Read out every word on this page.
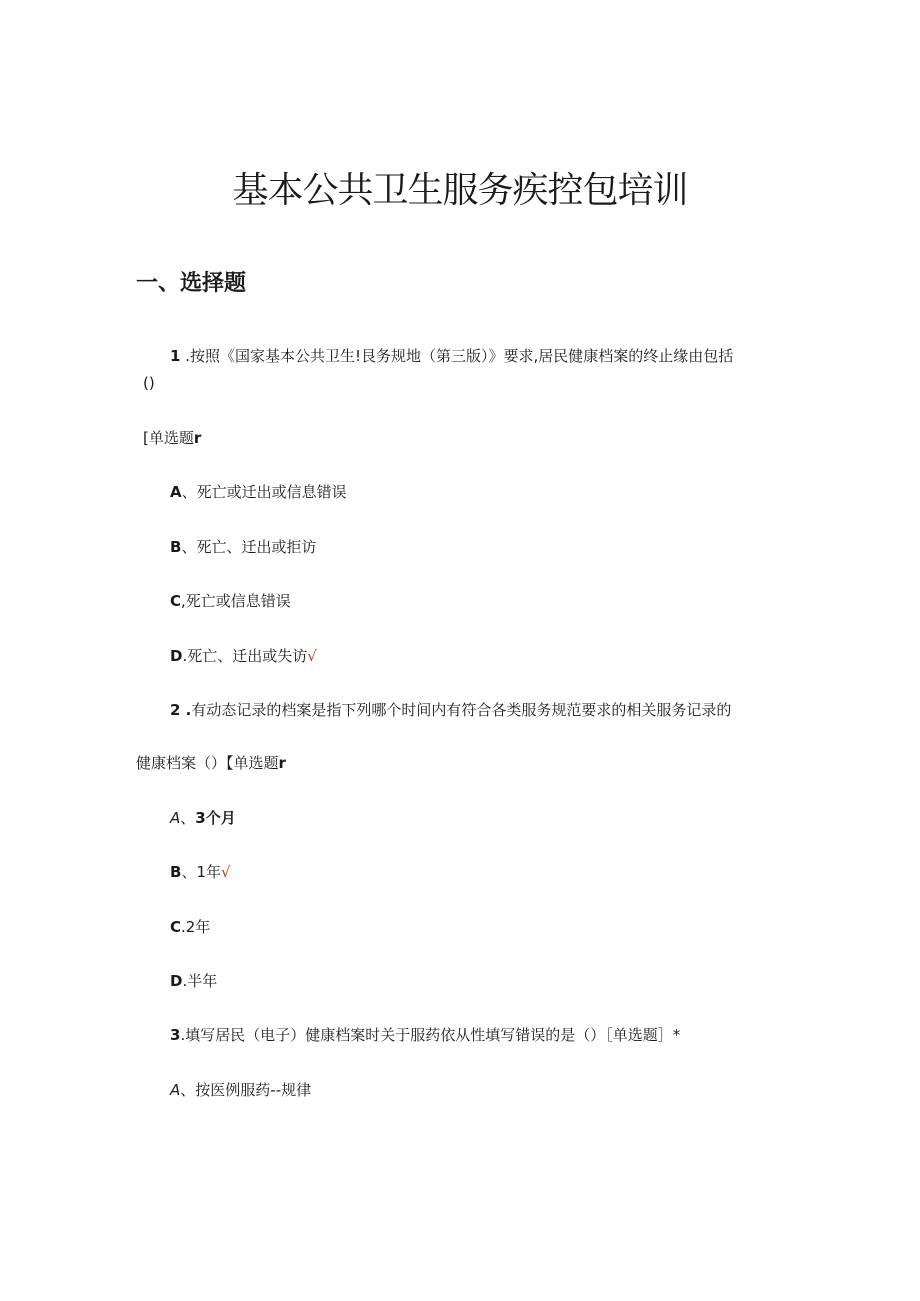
基本公共卫生服务疾控包培训
一、选择题
1 .按照《国家基本公共卫生!艮务规地（第三版）》要求,居民健康档案的终止缘由包括
()
[单选题r
A、死亡或迁出或信息错误
B、死亡、迁出或拒访
C,死亡或信息错误
D.死亡、迁出或失访√
2 .有动态记录的档案是指下列哪个时间内有符合各类服务规范要求的相关服务记录的
健康档案（）【单选题r
A、3个月
B、1年√
C.2年
D.半年
3.填写居民（电子）健康档案时关于服药依从性填写错误的是（）［单选题］*
A、按医例服药--规律
